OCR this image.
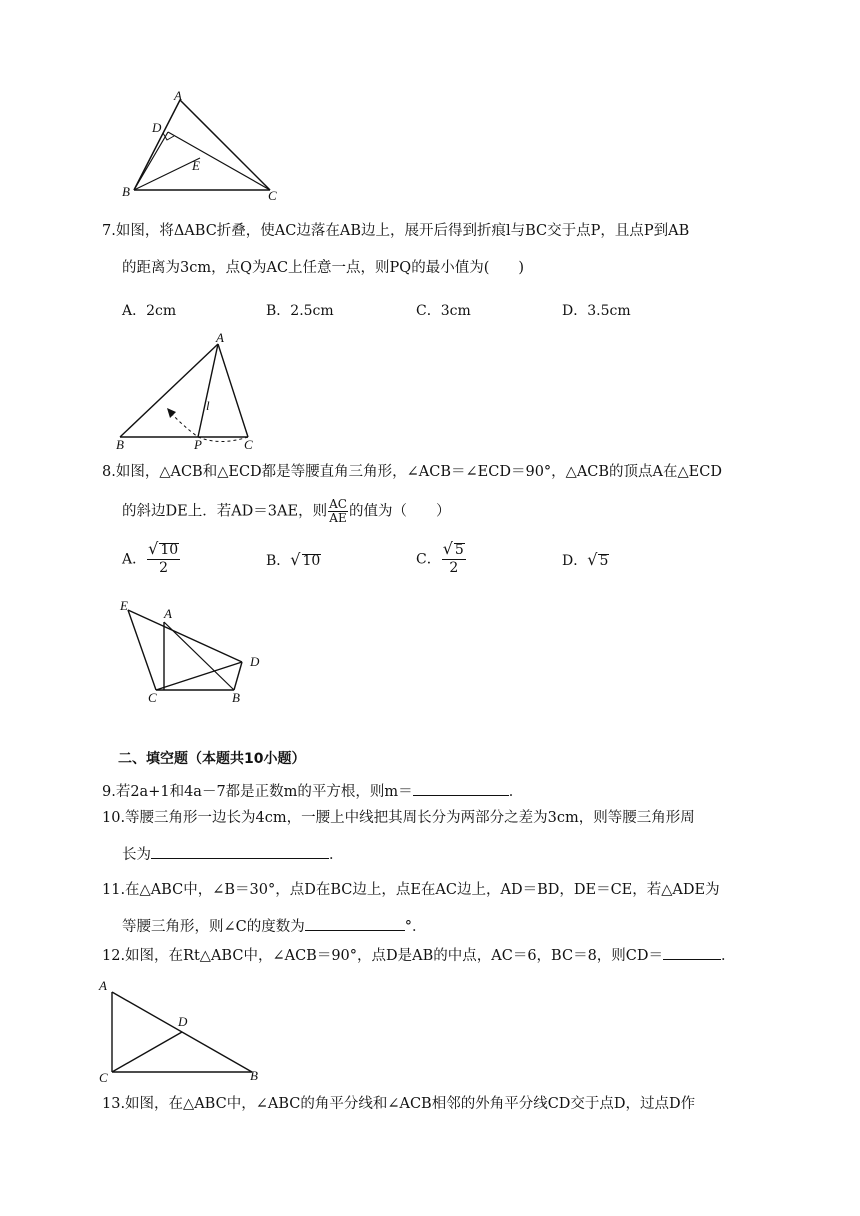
A
D
E
B	C
7.如图，将ΔABC折叠，使AC边落在AB边上，展开后得到折痕l与BC交于点P，且点P到AB
的距离为3cm，点Q为AC上任意一点，则PQ的最小值为(　　)
A．2cm	B．2.5cm	C．3cm	D．3.5cm
A
l
B	P	C
8.如图，△ACB和△ECD都是等腰直角三角形，∠ACB＝∠ECD＝90°，△ACB的顶点A在△ECD
的斜边DE上．若AD＝3AE，则 $\frac{AC}{AE}$ 的值为（　　）
A． $\frac{√ 10}{2}$	B．√ 10	C． $\frac{√ 5}{2}$	D．√ 5
E
A
D
C	B
二、填空题（本题共10小题）
9.若2a+1和4a－7都是正数m的平方根，则m＝	．
10.等腰三角形一边长为4cm，一腰上中线把其周长分为两部分之差为3cm，则等腰三角形周
长为	．
11.在△ABC中，∠B＝30°，点D在BC边上，点E在AC边上，AD＝BD，DE＝CE，若△ADE为
等腰三角形，则∠C的度数为	°．
12.如图，在Rt△ABC中，∠ACB＝90°，点D是AB的中点，AC＝6，BC＝8，则CD＝	．
A
D
C	B
13.如图，在△ABC中，∠ABC的角平分线和∠ACB相邻的外角平分线CD交于点D，过点D作
